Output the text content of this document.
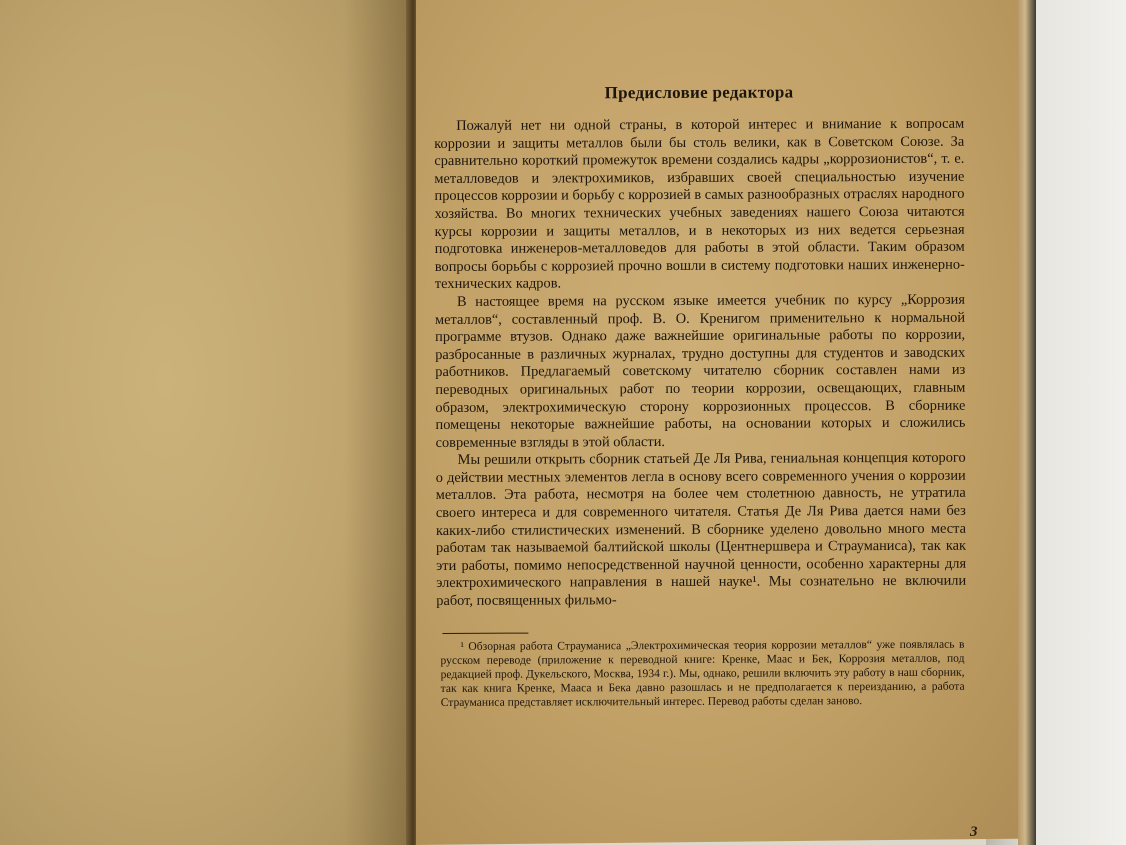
Предисловие редактора

Пожалуй нет ни одной страны, в которой интерес и внимание к вопросам коррозии и защиты металлов были бы столь велики, как в Советском Союзе. За сравнительно короткий промежуток времени создались кадры „коррозионистов“, т. е. металловедов и электрохимиков, избравших своей специальностью изучение процессов коррозии и борьбу с коррозией в самых разнообразных отраслях народного хозяйства. Во многих технических учебных заведениях нашего Союза читаются курсы коррозии и защиты металлов, и в некоторых из них ведется серьезная подготовка инженеров-металловедов для работы в этой области. Таким образом вопросы борьбы с коррозией прочно вошли в систему подготовки наших инженерно-технических кадров.

В настоящее время на русском языке имеется учебник по курсу „Коррозия металлов“, составленный проф. В. О. Кренигом применительно к нормальной программе втузов. Однако даже важнейшие оригинальные работы по коррозии, разбросанные в различных журналах, трудно доступны для студентов и заводских работников. Предлагаемый советскому читателю сборник составлен нами из переводных оригинальных работ по теории коррозии, освещающих, главным образом, электрохимическую сторону коррозионных процессов. В сборнике помещены некоторые важнейшие работы, на основании которых и сложились современные взгляды в этой области.

Мы решили открыть сборник статьей Де Ля Рива, гениальная концепция которого о действии местных элементов легла в основу всего современного учения о коррозии металлов. Эта работа, несмотря на более чем столетнюю давность, не утратила своего интереса и для современного читателя. Статья Де Ля Рива дается нами без каких-либо стилистических изменений. В сборнике уделено довольно много места работам так называемой балтийской школы (Центнершвера и Страуманиса), так как эти работы, помимо непосредственной научной ценности, особенно характерны для электрохимического направления в нашей науке¹. Мы сознательно не включили работ, посвященных фильмо-

¹ Обзорная работа Страуманиса „Электрохимическая теория коррозии металлов“ уже появлялась в русском переводе (приложение к переводной книге: Кренке, Маас и Бек, Коррозия металлов, под редакцией проф. Дукельского, Москва, 1934 г.). Мы, однако, решили включить эту работу в наш сборник, так как книга Кренке, Мааса и Бека давно разошлась и не предполагается к переизданию, а работа Страуманиса представляет исключительный интерес. Перевод работы сделан заново.

3
